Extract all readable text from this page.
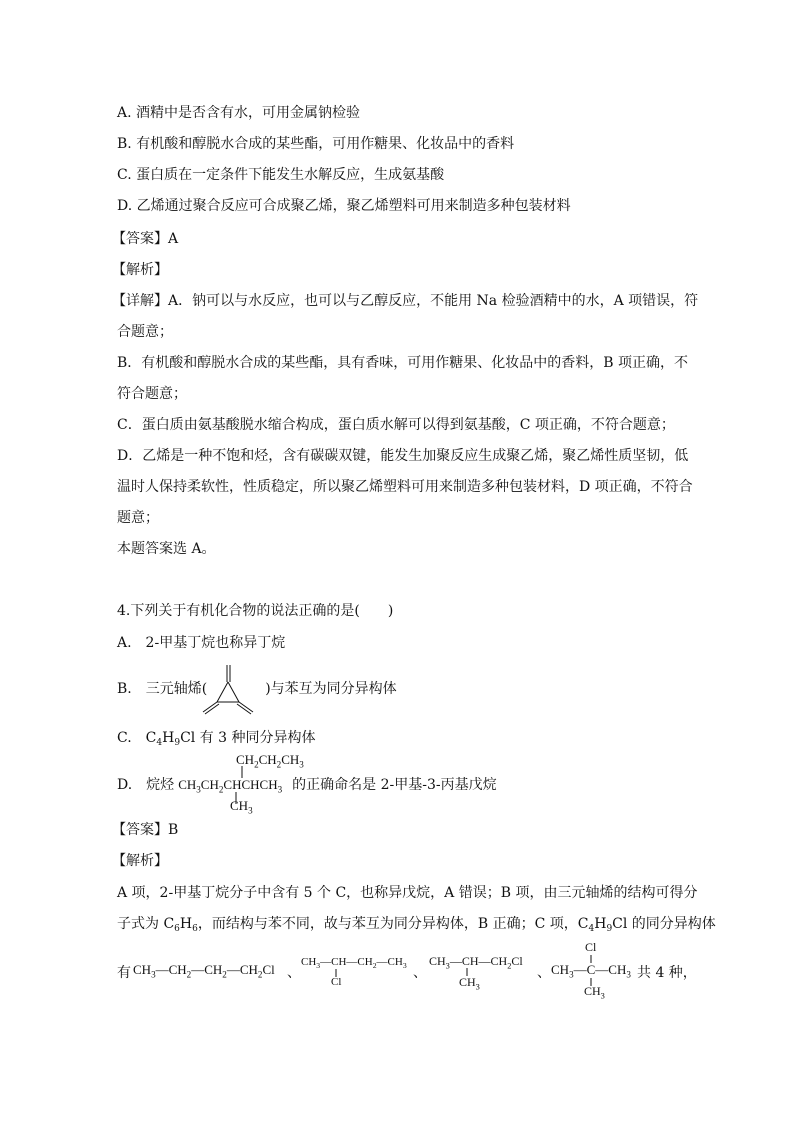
A. 酒精中是否含有水，可用金属钠检验
B. 有机酸和醇脱水合成的某些酯，可用作糖果、化妆品中的香料
C. 蛋白质在一定条件下能发生水解反应，生成氨基酸
D. 乙烯通过聚合反应可合成聚乙烯，聚乙烯塑料可用来制造多种包装材料
【答案】A
【解析】
【详解】A．钠可以与水反应，也可以与乙醇反应，不能用 Na 检验酒精中的水，A 项错误，符
合题意；
B．有机酸和醇脱水合成的某些酯，具有香味，可用作糖果、化妆品中的香料，B 项正确，不
符合题意；
C．蛋白质由氨基酸脱水缩合构成，蛋白质水解可以得到氨基酸，C 项正确，不符合题意；
D．乙烯是一种不饱和烃，含有碳碳双键，能发生加聚反应生成聚乙烯，聚乙烯性质坚韧，低
温时人保持柔软性，性质稳定，所以聚乙烯塑料可用来制造多种包装材料，D 项正确，不符合
题意；
本题答案选 A。
4.下列关于有机化合物的说法正确的是(　　)
A.　2-甲基丁烷也称异丁烷
B.　三元轴烯(	)与苯互为同分异构体
C.　$C_4H_9Cl$ 有 3 种同分异构体
$CH_2CH_2CH_3$
D.　烷烃 $CH_3CH_2CHCHCH_3$ 的正确命名是 2-甲基-3-丙基戊烷
$CH_3$
【答案】B
【解析】
A 项，2-甲基丁烷分子中含有 5 个 C，也称异戊烷，A 错误；B 项，由三元轴烯的结构可得分
子式为 $C_6H_6$，而结构与苯不同，故与苯互为同分异构体，B 正确；C 项，$C_4H_9Cl$ 的同分异构体
有 $CH_3—CH_2—CH_2—CH_2Cl$ 、
$CH_3—CH—CH_2—CH_3$
Cl
、
$CH_3—CH—CH_2Cl$
$CH_3$
、
Cl
$CH_3—C—CH_3$
$CH_3$
共 4 种，
